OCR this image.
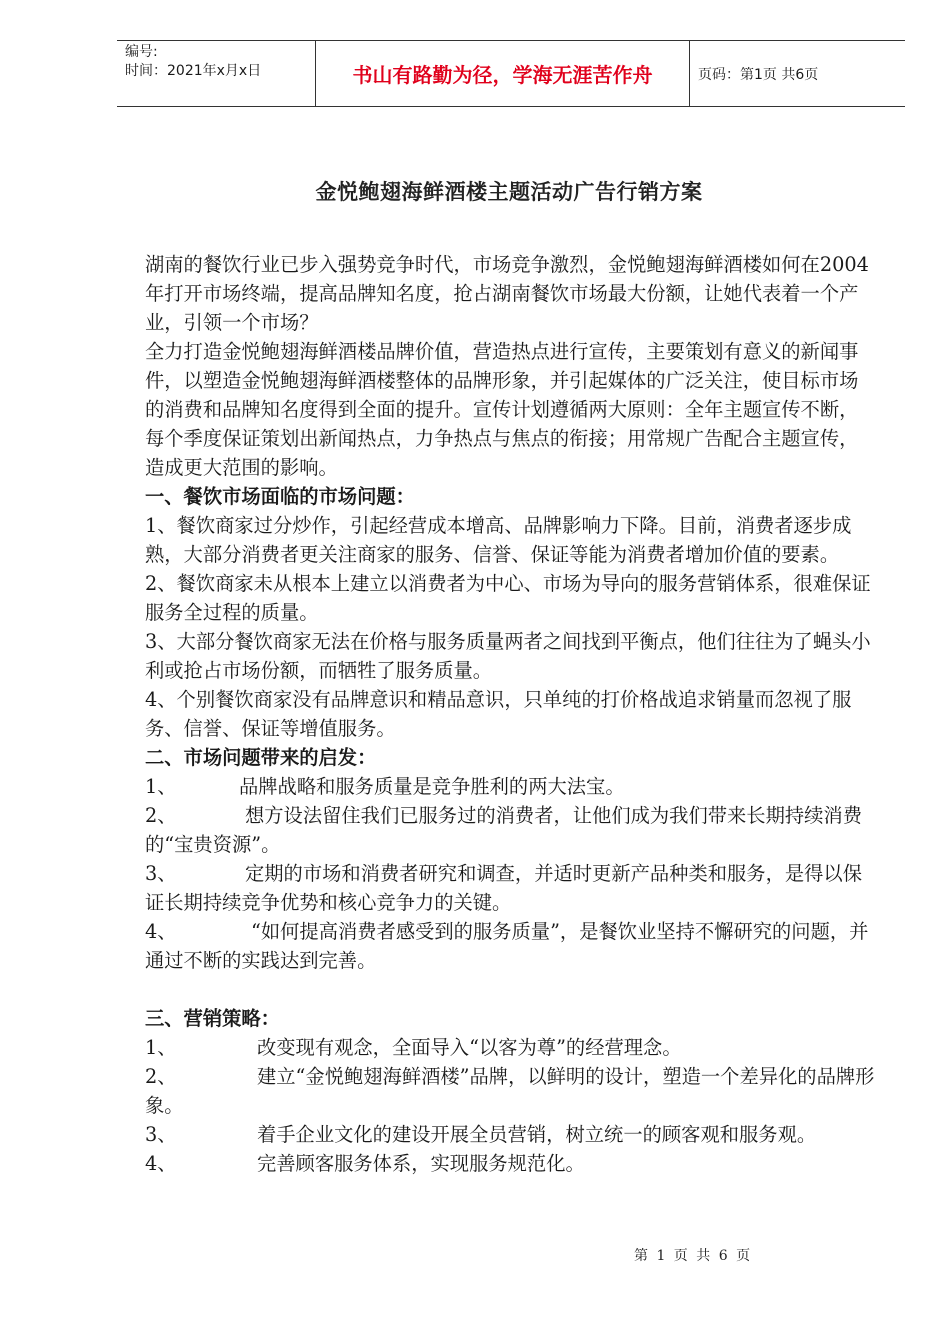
编号:
时间：2021年x月x日	书山有路勤为径，学海无涯苦作舟	页码：第1页 共6页
金悦鲍翅海鲜酒楼主题活动广告行销方案

湖南的餐饮行业已步入强势竞争时代，市场竞争激烈，金悦鲍翅海鲜酒楼如何在2004年打开市场终端，提高品牌知名度，抢占湖南餐饮市场最大份额，让她代表着一个产业，引领一个市场？

全力打造金悦鲍翅海鲜酒楼品牌价值，营造热点进行宣传，主要策划有意义的新闻事件，以塑造金悦鲍翅海鲜酒楼整体的品牌形象，并引起媒体的广泛关注，使目标市场的消费和品牌知名度得到全面的提升。宣传计划遵循两大原则：全年主题宣传不断，每个季度保证策划出新闻热点，力争热点与焦点的衔接；用常规广告配合主题宣传，造成更大范围的影响。

一、餐饮市场面临的市场问题：

1、餐饮商家过分炒作，引起经营成本增高、品牌影响力下降。目前，消费者逐步成熟，大部分消费者更关注商家的服务、信誉、保证等能为消费者增加价值的要素。

2、餐饮商家未从根本上建立以消费者为中心、市场为导向的服务营销体系，很难保证服务全过程的质量。

3、大部分餐饮商家无法在价格与服务质量两者之间找到平衡点，他们往往为了蝇头小利或抢占市场份额，而牺牲了服务质量。

4、个别餐饮商家没有品牌意识和精品意识，只单纯的打价格战追求销量而忽视了服务、信誉、保证等增值服务。

二、市场问题带来的启发：

1、	品牌战略和服务质量是竞争胜利的两大法宝。

2、	想方设法留住我们已服务过的消费者，让他们成为我们带来长期持续消费的“宝贵资源”。

3、	定期的市场和消费者研究和调查，并适时更新产品种类和服务，是得以保证长期持续竞争优势和核心竞争力的关键。

4、	“如何提高消费者感受到的服务质量”，是餐饮业坚持不懈研究的问题，并通过不断的实践达到完善。

三、营销策略：

1、	改变现有观念，全面导入“以客为尊”的经营理念。

2、	建立“金悦鲍翅海鲜酒楼”品牌，以鲜明的设计，塑造一个差异化的品牌形象。

3、	着手企业文化的建设开展全员营销，树立统一的顾客观和服务观。

4、	完善顾客服务体系，实现服务规范化。

第 1 页 共 6 页
